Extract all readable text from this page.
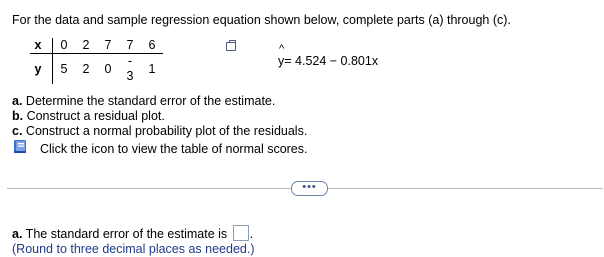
For the data and sample regression equation shown below, complete parts (a) through (c).
x	0	2	7	7	6
y	5	2	0	- 3	1
^
y= 4.524 − 0.801x
a. Determine the standard error of the estimate.
b. Construct a residual plot.
c. Construct a normal probability plot of the residuals.
Click the icon to view the table of normal scores.
•••
a. The standard error of the estimate is .
(Round to three decimal places as needed.)
